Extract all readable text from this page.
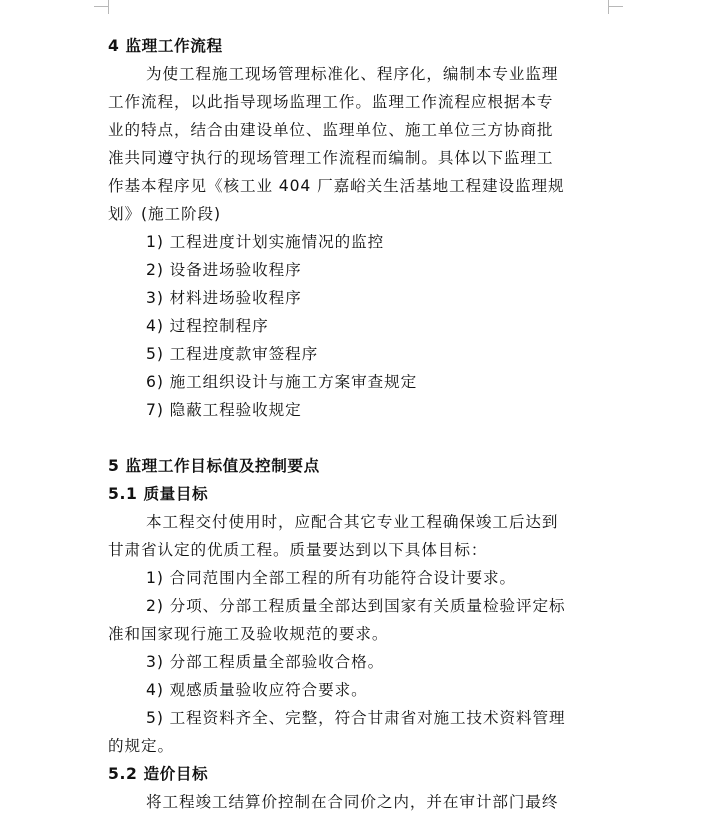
4 监理工作流程
为使工程施工现场管理标准化、程序化，编制本专业监理
工作流程，以此指导现场监理工作。监理工作流程应根据本专
业的特点，结合由建设单位、监理单位、施工单位三方协商批
准共同遵守执行的现场管理工作流程而编制。具体以下监理工
作基本程序见《核工业 404 厂嘉峪关生活基地工程建设监理规
划》(施工阶段)
1) 工程进度计划实施情况的监控
2) 设备进场验收程序
3) 材料进场验收程序
4) 过程控制程序
5) 工程进度款审签程序
6) 施工组织设计与施工方案审查规定
7) 隐蔽工程验收规定
5 监理工作目标值及控制要点
5.1 质量目标
本工程交付使用时，应配合其它专业工程确保竣工后达到
甘肃省认定的优质工程。质量要达到以下具体目标：
1) 合同范围内全部工程的所有功能符合设计要求。
2) 分项、分部工程质量全部达到国家有关质量检验评定标
准和国家现行施工及验收规范的要求。
3) 分部工程质量全部验收合格。
4) 观感质量验收应符合要求。
5) 工程资料齐全、完整，符合甘肃省对施工技术资料管理
的规定。
5.2 造价目标
将工程竣工结算价控制在合同价之内，并在审计部门最终
